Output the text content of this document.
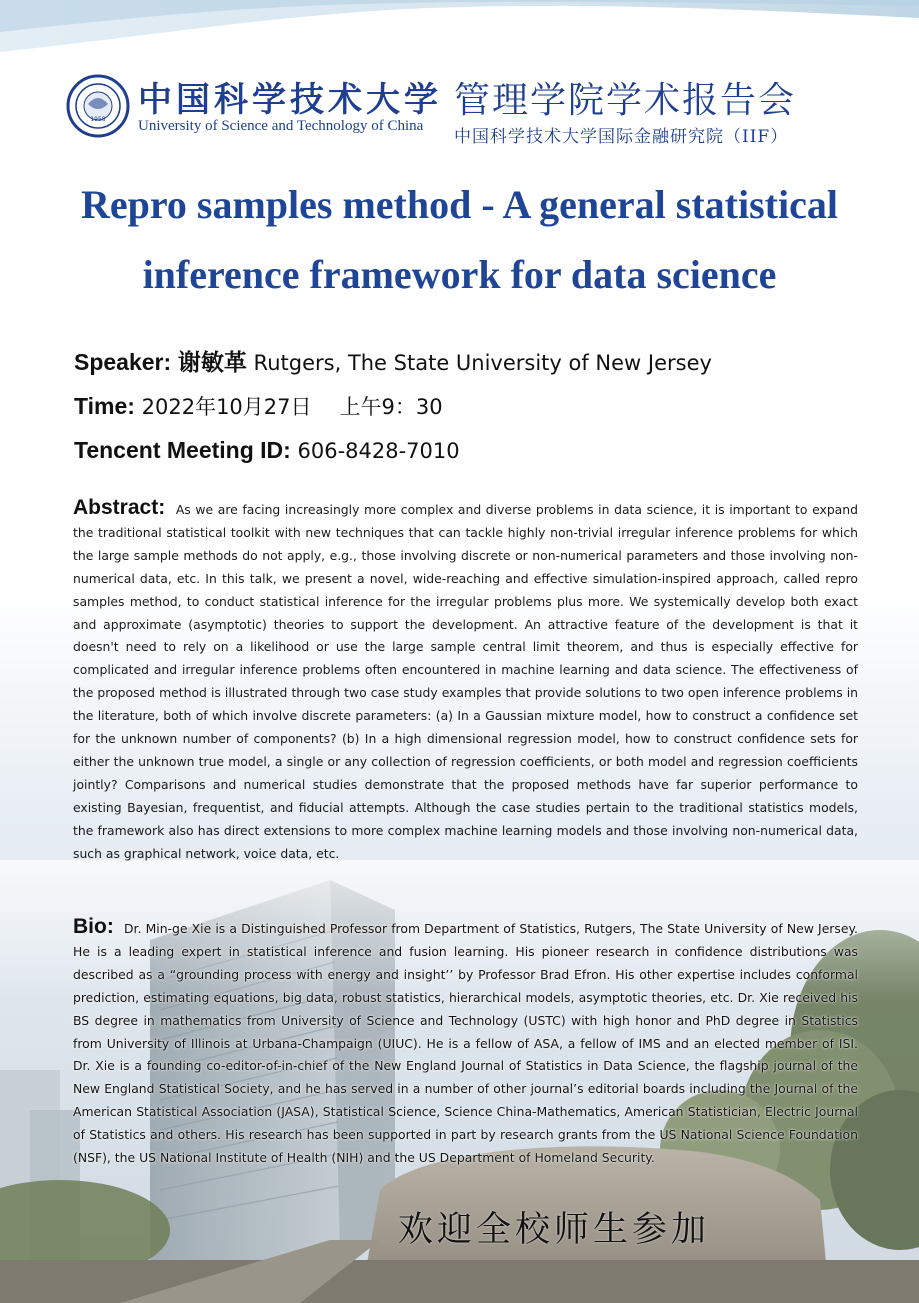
1958 中国科学技术大学
University of Science and Technology of China
管理学院学术报告会
中国科学技术大学国际金融研究院（IIF）
Repro samples method - A general statistical
inference framework for data science
Speaker: 谢敏革 Rutgers, The State University of New Jersey
Time: 2022年10月27日 上午9：30
Tencent Meeting ID: 606-8428-7010
Abstract: As we are facing increasingly more complex and diverse problems in data science, it is important to expand the traditional statistical toolkit with new techniques that can tackle highly non-trivial irregular inference problems for which the large sample methods do not apply, e.g., those involving discrete or non-numerical parameters and those involving non-numerical data, etc. In this talk, we present a novel, wide-reaching and effective simulation-inspired approach, called repro samples method, to conduct statistical inference for the irregular problems plus more. We systemically develop both exact and approximate (asymptotic) theories to support the development. An attractive feature of the development is that it doesn't need to rely on a likelihood or use the large sample central limit theorem, and thus is especially effective for complicated and irregular inference problems often encountered in machine learning and data science. The effectiveness of the proposed method is illustrated through two case study examples that provide solutions to two open inference problems in the literature, both of which involve discrete parameters: (a) In a Gaussian mixture model, how to construct a confidence set for the unknown number of components? (b) In a high dimensional regression model, how to construct confidence sets for either the unknown true model, a single or any collection of regression coefficients, or both model and regression coefficients jointly? Comparisons and numerical studies demonstrate that the proposed methods have far superior performance to existing Bayesian, frequentist, and fiducial attempts. Although the case studies pertain to the traditional statistics models, the framework also has direct extensions to more complex machine learning models and those involving non-numerical data, such as graphical network, voice data, etc.
Bio: Dr. Min-ge Xie is a Distinguished Professor from Department of Statistics, Rutgers, The State University of New Jersey. He is a leading expert in statistical inference and fusion learning. His pioneer research in confidence distributions was described as a “grounding process with energy and insight’’ by Professor Brad Efron. His other expertise includes conformal prediction, estimating equations, big data, robust statistics, hierarchical models, asymptotic theories, etc. Dr. Xie received his BS degree in mathematics from University of Science and Technology (USTC) with high honor and PhD degree in Statistics from University of Illinois at Urbana-Champaign (UIUC). He is a fellow of ASA, a fellow of IMS and an elected member of ISI. Dr. Xie is a founding co-editor-of-in-chief of the New England Journal of Statistics in Data Science, the flagship journal of the New England Statistical Society, and he has served in a number of other journal’s editorial boards including the Journal of the American Statistical Association (JASA), Statistical Science, Science China-Mathematics, American Statistician, Electric Journal of Statistics and others. His research has been supported in part by research grants from the US National Science Foundation (NSF), the US National Institute of Health (NIH) and the US Department of Homeland Security.
欢迎全校师生参加
